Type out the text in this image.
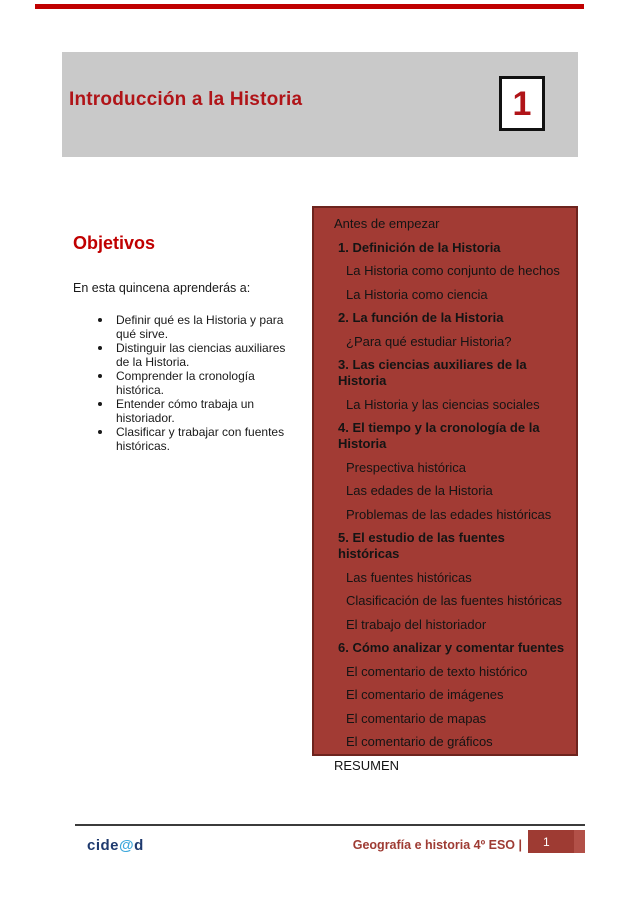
Introducción a la Historia	1
Objetivos
En esta quincena aprenderás a:
Definir qué es la Historia y para qué sirve.
Distinguir las ciencias auxiliares de la Historia.
Comprender la cronología histórica.
Entender cómo trabaja un historiador.
Clasificar y trabajar con fuentes históricas.
Antes de empezar
1. Definición de la Historia
La Historia como conjunto de hechos
La Historia como ciencia
2. La función de la Historia
¿Para qué estudiar Historia?
3. Las ciencias auxiliares de la Historia
La Historia y las ciencias sociales
4. El tiempo y la cronología de la Historia
Prespectiva histórica
Las edades de la Historia
Problemas de las edades históricas
5. El estudio de las fuentes históricas
Las fuentes históricas
Clasificación de las fuentes históricas
El trabajo del historiador
6. Cómo analizar y comentar fuentes
El comentario de texto histórico
El comentario de imágenes
El comentario de mapas
El comentario de gráficos
RESUMEN
cide@d	Geografía e historia 4º ESO |	1
